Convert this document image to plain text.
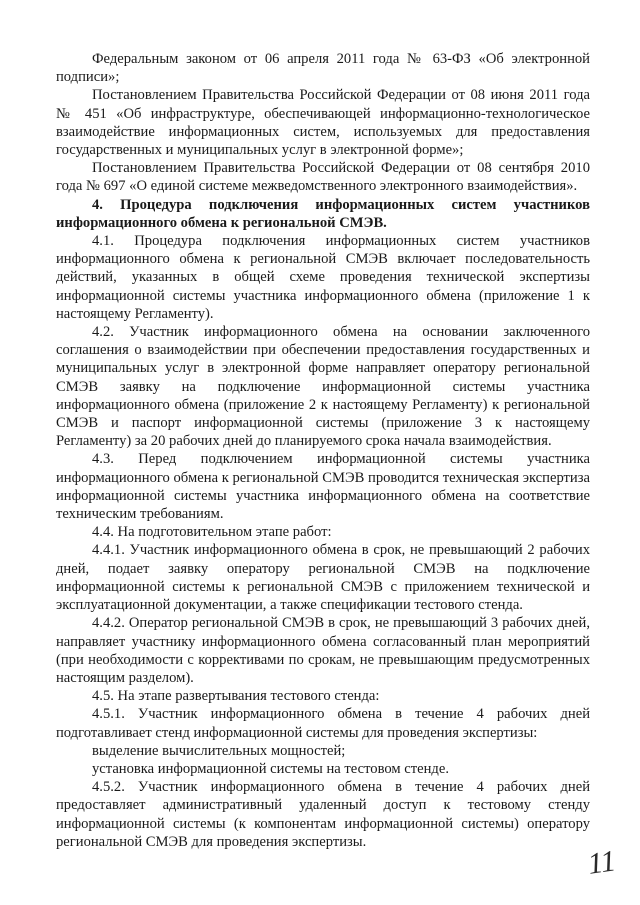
Федеральным законом от 06 апреля 2011 года № 63-ФЗ «Об электронной подписи»;

Постановлением Правительства Российской Федерации от 08 июня 2011 года № 451 «Об инфраструктуре, обеспечивающей информационно-технологическое взаимодействие информационных систем, используемых для предоставления государственных и муниципальных услуг в электронной форме»;

Постановлением Правительства Российской Федерации от 08 сентября 2010 года № 697 «О единой системе межведомственного электронного взаимодействия».

4. Процедура подключения информационных систем участников информационного обмена к региональной СМЭВ.

4.1. Процедура подключения информационных систем участников информационного обмена к региональной СМЭВ включает последовательность действий, указанных в общей схеме проведения технической экспертизы информационной системы участника информационного обмена (приложение 1 к настоящему Регламенту).

4.2. Участник информационного обмена на основании заключенного соглашения о взаимодействии при обеспечении предоставления государственных и муниципальных услуг в электронной форме направляет оператору региональной СМЭВ заявку на подключение информационной системы участника информационного обмена (приложение 2 к настоящему Регламенту) к региональной СМЭВ и паспорт информационной системы (приложение 3 к настоящему Регламенту) за 20 рабочих дней до планируемого срока начала взаимодействия.

4.3. Перед подключением информационной системы участника информационного обмена к региональной СМЭВ проводится техническая экспертиза информационной системы участника информационного обмена на соответствие техническим требованиям.

4.4. На подготовительном этапе работ:

4.4.1. Участник информационного обмена в срок, не превышающий 2 рабочих дней, подает заявку оператору региональной СМЭВ на подключение информационной системы к региональной СМЭВ с приложением технической и эксплуатационной документации, а также спецификации тестового стенда.

4.4.2. Оператор региональной СМЭВ в срок, не превышающий 3 рабочих дней, направляет участнику информационного обмена согласованный план мероприятий (при необходимости с коррективами по срокам, не превышающим предусмотренных настоящим разделом).

4.5. На этапе развертывания тестового стенда:

4.5.1. Участник информационного обмена в течение 4 рабочих дней подготавливает стенд информационной системы для проведения экспертизы:

выделение вычислительных мощностей;

установка информационной системы на тестовом стенде.

4.5.2. Участник информационного обмена в течение 4 рабочих дней предоставляет административный удаленный доступ к тестовому стенду информационной системы (к компонентам информационной системы) оператору региональной СМЭВ для проведения экспертизы.

11
